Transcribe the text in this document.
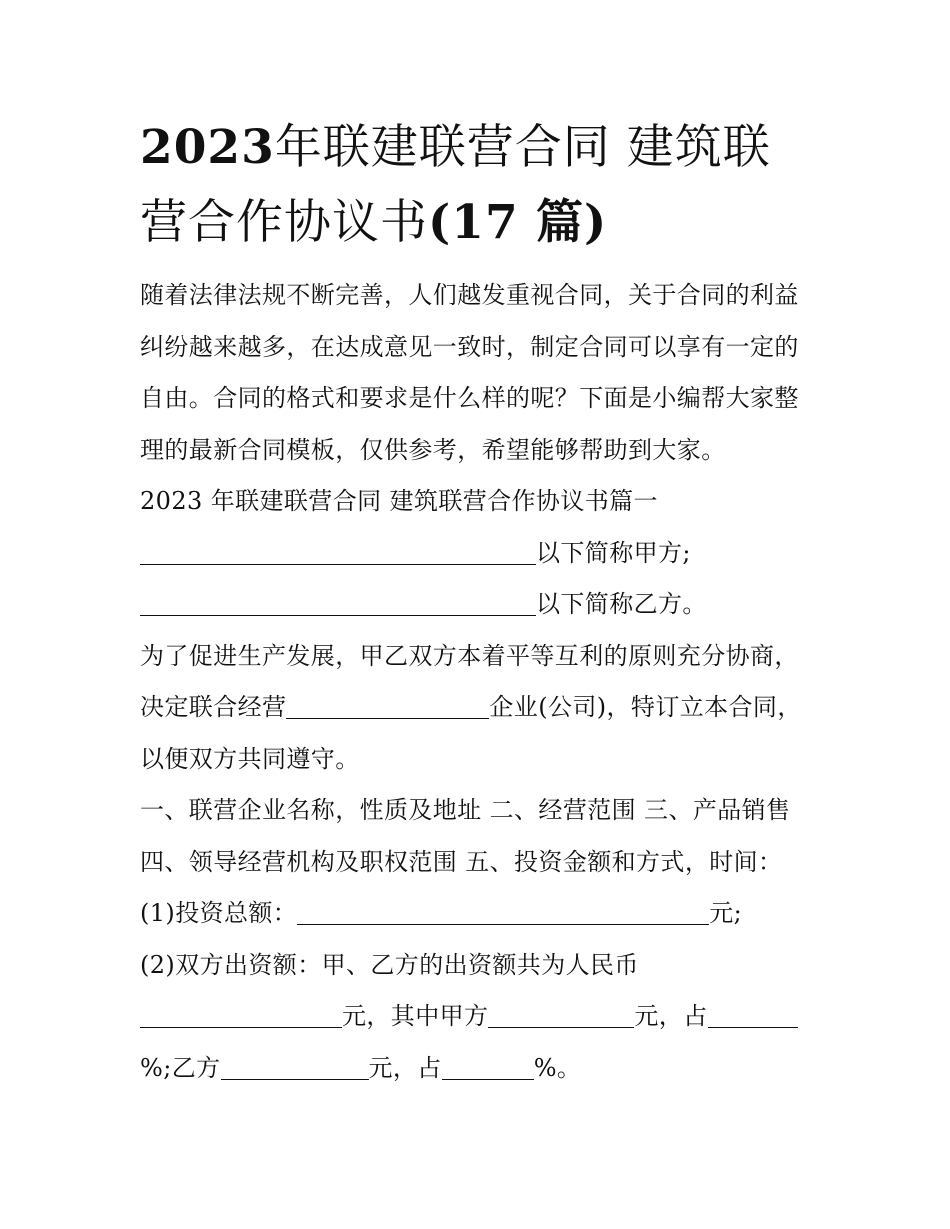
2023年联建联营合同 建筑联
营合作协议书(17 篇)

随着法律法规不断完善，人们越发重视合同，关于合同的利益

纠纷越来越多，在达成意见一致时，制定合同可以享有一定的

自由。合同的格式和要求是什么样的呢？下面是小编帮大家整

理的最新合同模板，仅供参考，希望能够帮助到大家。

2023 年联建联营合同 建筑联营合作协议书篇一

以下简称甲方;

以下简称乙方。

为了促进生产发展，甲乙双方本着平等互利的原则充分协商，

决定联合经营	企业(公司)，特订立本合同，

以便双方共同遵守。

一、联营企业名称，性质及地址 二、经营范围 三、产品销售

四、领导经营机构及职权范围 五、投资金额和方式，时间：

(1)投资总额：	元;

(2)双方出资额：甲、乙方的出资额共为人民币

元，其中甲方	元，占

%;乙方	元，占	%。
